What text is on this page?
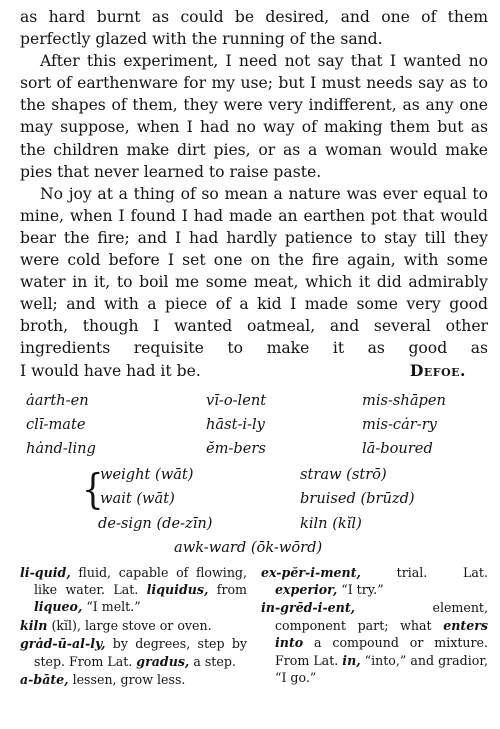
as hard burnt as could be desired, and one of them perfectly glazed with the running of the sand.

After this experiment, I need not say that I wanted no sort of earthenware for my use; but I must needs say as to the shapes of them, they were very indifferent, as any one may suppose, when I had no way of making them but as the children make dirt pies, or as a woman would make pies that never learned to raise paste.

No joy at a thing of so mean a nature was ever equal to mine, when I found I had made an earthen pot that would bear the fire; and I had hardly patience to stay till they were cold before I set one on the fire again, with some water in it, to boil me some meat, which it did admirably well; and with a piece of a kid I made some very good broth, though I wanted oatmeal, and several other ingredients requisite to make it as good as

I would have had it be.	Defoe.
ȧarth-en	vī-o-lent	mis-shāpen
clī-mate	hāst-i-ly	mis-cȧr-ry
hȧnd-ling	ĕm-bers	lā-boured
{
weight (wāt)	straw (strō)
wait (wāt)	bruised (brūzd)
de-sign (de-zīn)	kiln (kĭl)
awk-ward (ōk-wōrd)

li-quid, fluid, capable of flowing, like water. Lat. liquidus, from liqueo, “I melt.”

kiln (kĭl), large stove or oven.

grȧd-ū-al-ly, by degrees, step by step. From Lat. gradus, a step.

a-bāte, lessen, grow less.

ex-pĕr-i-ment, trial. Lat. experior, “I try.”

in-grēd-i-ent, element, component part; what enters into a compound or mixture. From Lat. in, “into,” and gradior, “I go.”
